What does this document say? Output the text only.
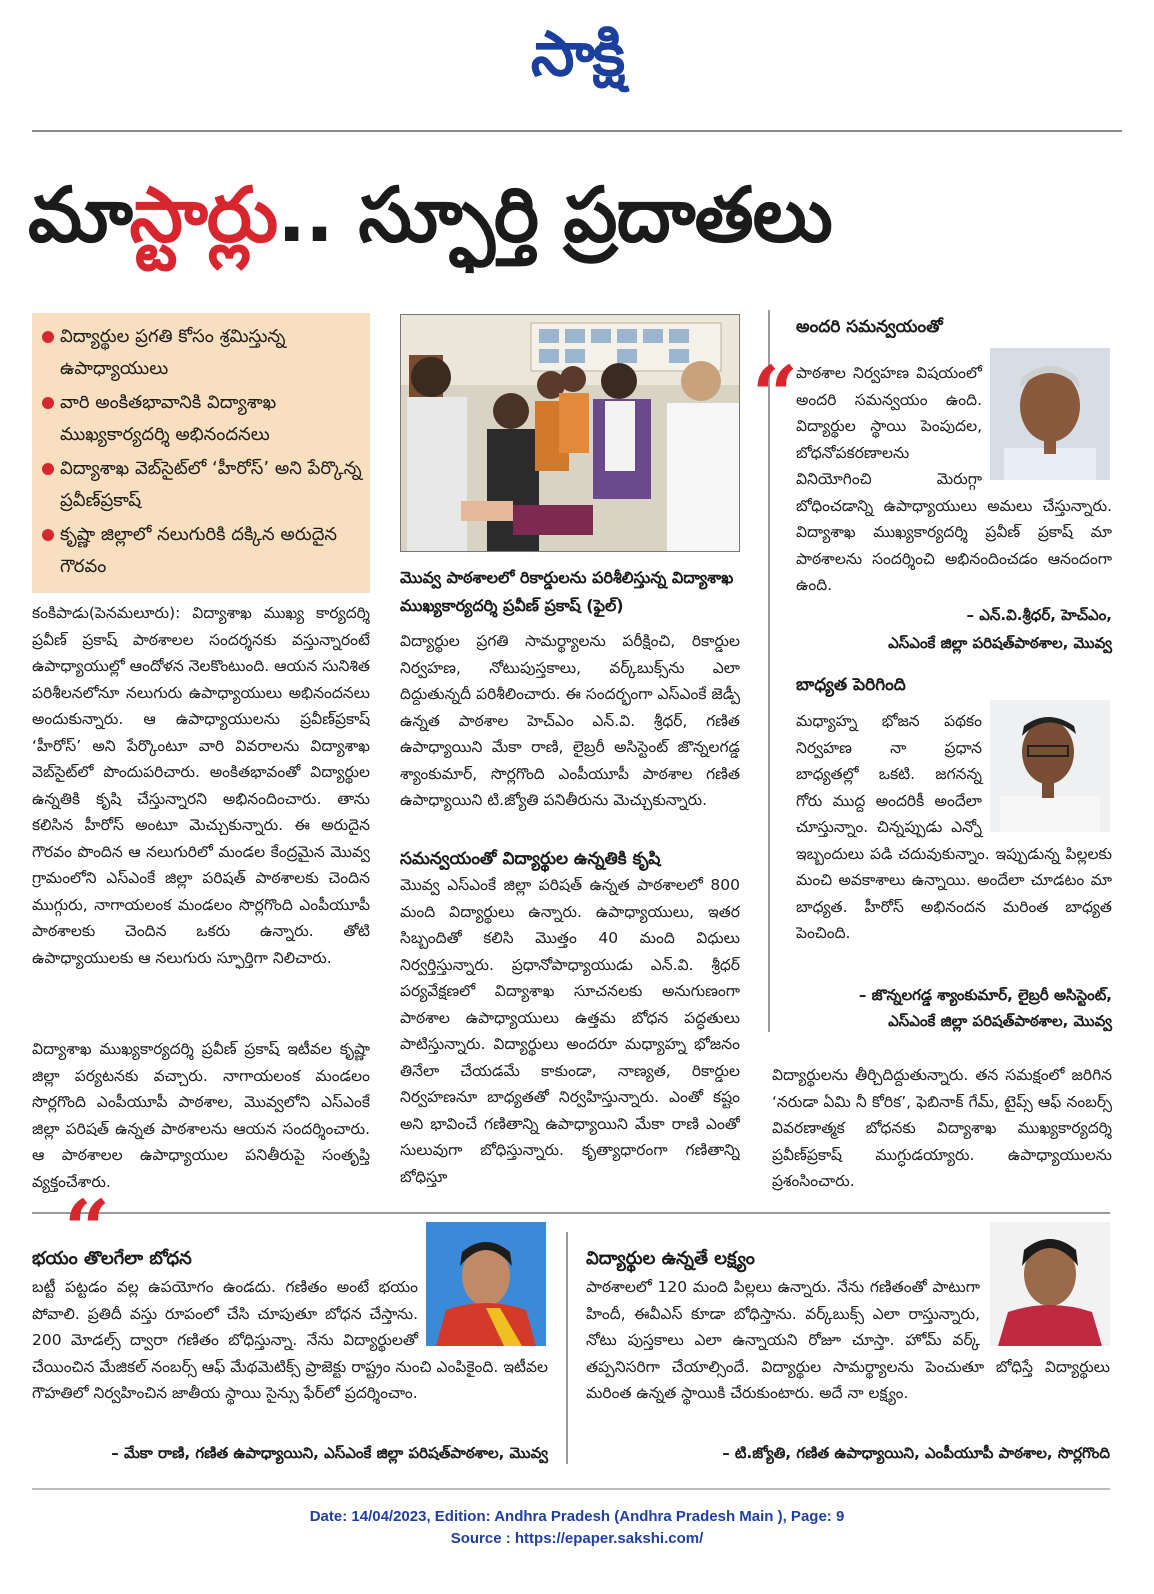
సాక్షి
మాస్టార్లు.. స్ఫూర్తి ప్రదాతలు
విద్యార్థుల ప్రగతి కోసం శ్రమిస్తున్న ఉపాధ్యాయులు
వారి అంకితభావానికి విద్యాశాఖ ముఖ్యకార్యదర్శి అభినందనలు
విద్యాశాఖ వెబ్‌సైట్‌లో ‘హీరోస్’ అని పేర్కొన్న ప్రవీణ్‌ప్రకాష్
కృష్ణా జిల్లాలో నలుగురికి దక్కిన అరుదైన గౌరవం
కంకిపాడు(పెనమలూరు): విద్యాశాఖ ముఖ్య కార్యదర్శి ప్రవీణ్ ప్రకాష్ పాఠశాలల సందర్శనకు వస్తున్నారంటే ఉపాధ్యాయుల్లో ఆందోళన నెలకొంటుంది. ఆయన సునిశిత పరిశీలనలోనూ నలుగురు ఉపాధ్యాయులు అభినందనలు అందుకున్నారు. ఆ ఉపాధ్యాయులను ప్రవీణ్‌ప్రకాష్ ‘హీరోస్’ అని పేర్కొంటూ వారి వివరాలను విద్యాశాఖ వెబ్‌సైట్‌లో పొందుపరిచారు. అంకితభావంతో విద్యార్థుల ఉన్నతికి కృషి చేస్తున్నారని అభినందించారు. తాను కలిసిన హీరోస్ అంటూ మెచ్చుకున్నారు. ఈ అరుదైన గౌరవం పొందిన ఆ నలుగురిలో మండల కేంద్రమైన మొవ్వ గ్రామంలోని ఎస్ఎంకే జిల్లా పరిషత్ పాఠశాలకు చెందిన ముగ్గురు, నాగాయలంక మండలం సొర్లగొంది ఎంపీయూపీ పాఠశాలకు చెందిన ఒకరు ఉన్నారు. తోటి ఉపాధ్యాయులకు ఆ నలుగురు స్ఫూర్తిగా నిలిచారు.
విద్యాశాఖ ముఖ్యకార్యదర్శి ప్రవీణ్ ప్రకాష్ ఇటీవల కృష్ణా జిల్లా పర్యటనకు వచ్చారు. నాగాయలంక మండలం సొర్లగొంది ఎంపీయూపీ పాఠశాల, మొవ్వలోని ఎస్ఎంకే జిల్లా పరిషత్ ఉన్నత పాఠశాలను ఆయన సందర్శించారు. ఆ పాఠశాలల ఉపాధ్యాయుల పనితీరుపై సంతృప్తి వ్యక్తంచేశారు.
మొవ్వ పాఠశాలలో రికార్డులను పరిశీలిస్తున్న విద్యాశాఖ ముఖ్యకార్యదర్శి ప్రవీణ్ ప్రకాష్ (ఫైల్)
విద్యార్థుల ప్రగతి సామర్థ్యాలను పరీక్షించి, రికార్డుల నిర్వహణ, నోటుపుస్తకాలు, వర్క్‌బుక్స్‌ను ఎలా దిద్దుతున్నదీ పరిశీలించారు. ఈ సందర్భంగా ఎస్ఎంకే జెడ్పీ ఉన్నత పాఠశాల హెచ్ఎం ఎన్.వి. శ్రీధర్, గణిత ఉపాధ్యాయిని మేకా రాణి, లైబ్రరీ అసిస్టెంట్ జొన్నలగడ్డ శ్యాంకుమార్, సొర్లగొంది ఎంపీయూపీ పాఠశాల గణిత ఉపాధ్యాయిని టి.జ్యోతి పనితీరును మెచ్చుకున్నారు.
సమన్వయంతో విద్యార్థుల ఉన్నతికి కృషి
మొవ్వ ఎస్ఎంకే జిల్లా పరిషత్ ఉన్నత పాఠశాలలో 800 మంది విద్యార్థులు ఉన్నారు. ఉపాధ్యాయులు, ఇతర సిబ్బందితో కలిసి మొత్తం 40 మంది విధులు నిర్వర్తిస్తున్నారు. ప్రధానోపాధ్యాయుడు ఎన్.వి. శ్రీధర్ పర్యవేక్షణలో విద్యాశాఖ సూచనలకు అనుగుణంగా పాఠశాల ఉపాధ్యాయులు ఉత్తమ బోధన పద్ధతులు పాటిస్తున్నారు. విద్యార్థులు అందరూ మధ్యాహ్న భోజనం తినేలా చేయడమే కాకుండా, నాణ్యత, రికార్డుల నిర్వహణనూ బాధ్యతతో నిర్వహిస్తున్నారు. ఎంతో కష్టం అని భావించే గణితాన్ని ఉపాధ్యాయిని మేకా రాణి ఎంతో సులువుగా బోధిస్తున్నారు. కృత్యాధారంగా గణితాన్ని బోధిస్తూ
అందరి సమన్వయంతో
“
పాఠశాల నిర్వహణ విషయంలో అందరి సమన్వయం ఉంది. విద్యార్థుల స్థాయి పెంపుదల, బోధనోపకరణాలను వినియోగించి మెరుగ్గా బోధించడాన్ని ఉపాధ్యాయులు అమలు చేస్తున్నారు. విద్యాశాఖ ముఖ్యకార్యదర్శి ప్రవీణ్ ప్రకాష్ మా పాఠశాలను సందర్శించి అభినందించడం ఆనందంగా ఉంది.
– ఎన్.వి.శ్రీధర్, హెచ్ఎం,
ఎస్ఎంకే జిల్లా పరిషత్‌పాఠశాల, మొవ్వ
బాధ్యత పెరిగింది
మధ్యాహ్న భోజన పథకం నిర్వహణ నా ప్రధాన బాధ్యతల్లో ఒకటి. జగనన్న గోరు ముద్ద అందరికీ అందేలా చూస్తున్నాం. చిన్నప్పుడు ఎన్నో ఇబ్బందులు పడి చదువుకున్నాం. ఇప్పుడున్న పిల్లలకు మంచి అవకాశాలు ఉన్నాయి. అందేలా చూడటం మా బాధ్యత. హీరోస్ అభినందన మరింత బాధ్యత పెంచింది.
– జొన్నలగడ్డ శ్యాంకుమార్, లైబ్రరీ అసిస్టెంట్,
ఎస్ఎంకే జిల్లా పరిషత్‌పాఠశాల, మొవ్వ
విద్యార్థులను తీర్చిదిద్దుతున్నారు. తన సమక్షంలో జరిగిన ‘నరుడా ఏమి నీ కోరిక’, ఫెబినాక్ గేమ్, టైప్స్ ఆఫ్ నంబర్స్ వివరణాత్మక బోధనకు విద్యాశాఖ ముఖ్యకార్యదర్శి ప్రవీణ్‌ప్రకాష్ ముగ్ధుడయ్యారు. ఉపాధ్యాయులను ప్రశంసించారు.
“
భయం తొలగేలా బోధన
బట్టీ పట్టడం వల్ల ఉపయోగం ఉండదు. గణితం అంటే భయం పోవాలి. ప్రతిదీ వస్తు రూపంలో చేసి చూపుతూ బోధన చేస్తాను. 200 మోడల్స్ ద్వారా గణితం బోధిస్తున్నా. నేను విద్యార్థులతో చేయించిన మేజికల్ నంబర్స్ ఆఫ్ మేథమెటిక్స్ ప్రాజెక్టు రాష్ట్రం నుంచి ఎంపికైంది. ఇటీవల గౌహతిలో నిర్వహించిన జాతీయ స్థాయి సైన్సు ఫేర్‌లో ప్రదర్శించాం.
– మేకా రాణి, గణిత ఉపాధ్యాయిని, ఎస్ఎంకే జిల్లా పరిషత్‌పాఠశాల, మొవ్వ
విద్యార్థుల ఉన్నతే లక్ష్యం
పాఠశాలలో 120 మంది పిల్లలు ఉన్నారు. నేను గణితంతో పాటుగా హిందీ, ఈవీఎస్ కూడా బోధిస్తాను. వర్క్‌బుక్స్ ఎలా రాస్తున్నారు, నోటు పుస్తకాలు ఎలా ఉన్నాయని రోజూ చూస్తా. హోమ్ వర్క్ తప్పనిసరిగా చేయాల్సిందే. విద్యార్థుల సామర్థ్యాలను పెంచుతూ బోధిస్తే విద్యార్థులు మరింత ఉన్నత స్థాయికి చేరుకుంటారు. అదే నా లక్ష్యం.
– టి.జ్యోతి, గణిత ఉపాధ్యాయిని, ఎంపీయూపీ పాఠశాల, సొర్లగొంది
Date: 14/04/2023, Edition: Andhra Pradesh (Andhra Pradesh Main ), Page: 9
Source : https://epaper.sakshi.com/
